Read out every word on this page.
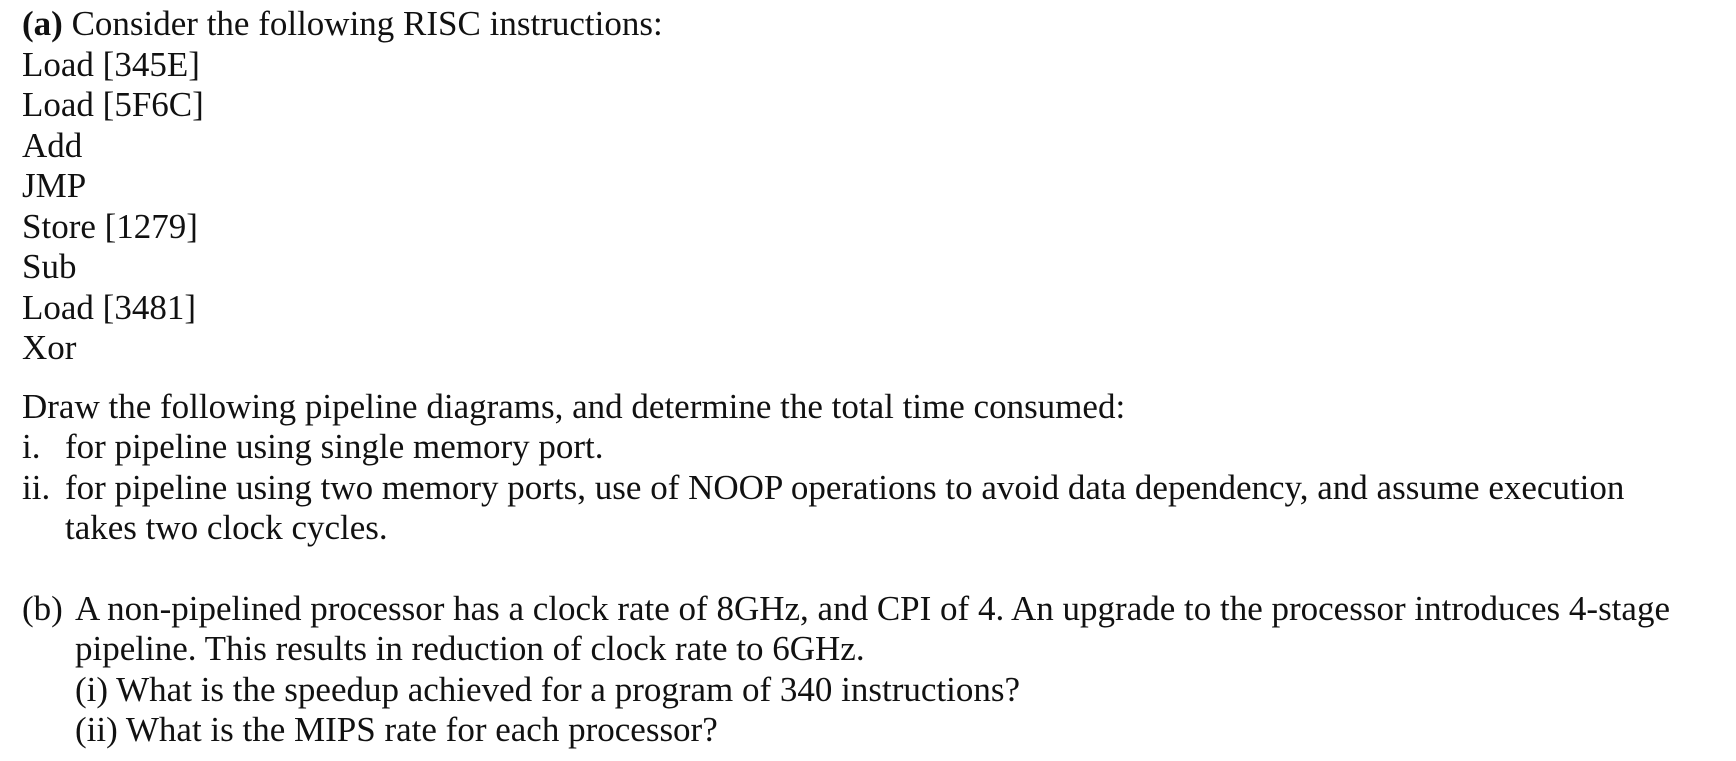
(a) Consider the following RISC instructions:
Load [345E]
Load [5F6C]
Add
JMP
Store [1279]
Sub
Load [3481]
Xor
Draw the following pipeline diagrams, and determine the total time consumed:
i. for pipeline using single memory port.
ii. for pipeline using two memory ports, use of NOOP operations to avoid data dependency, and assume execution
takes two clock cycles.
(b) A non-pipelined processor has a clock rate of 8GHz, and CPI of 4. An upgrade to the processor introduces 4-stage
pipeline. This results in reduction of clock rate to 6GHz.
(i) What is the speedup achieved for a program of 340 instructions?
(ii) What is the MIPS rate for each processor?
